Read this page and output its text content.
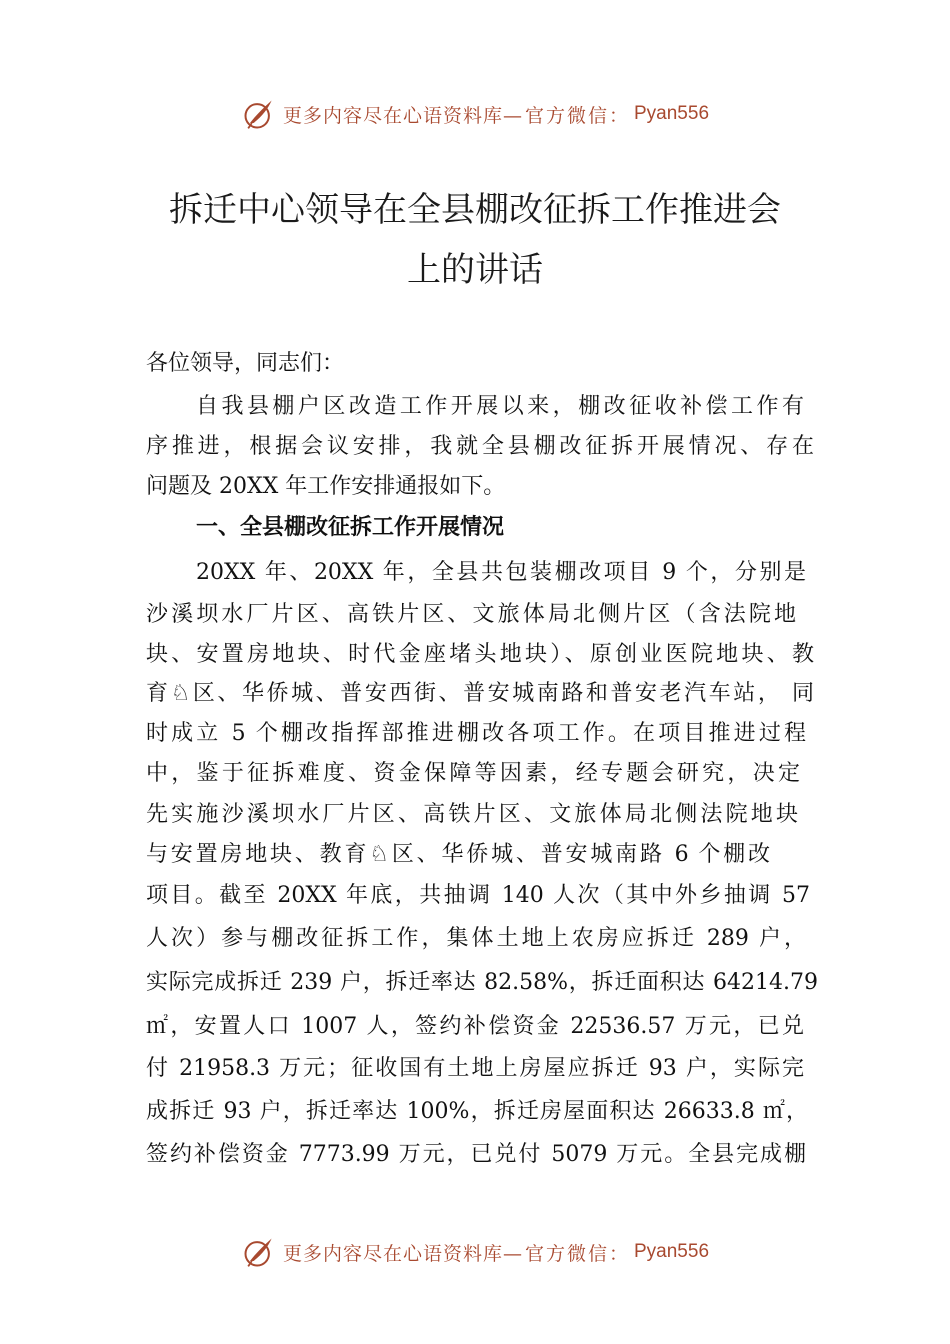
更多内容尽在心语资料库— 官方微信： Pyan556
拆迁中心领导在全县棚改征拆工作推进会
上的讲话
各位领导，同志们：
自我县棚户区改造工作开展以来，棚改征收补偿工作有
序推进，根据会议安排，我就全县棚改征拆开展情况、存在
问题及 20XX 年工作安排通报如下。
一、全县棚改征拆工作开展情况
20XX 年、20XX 年，全县共包装棚改项目 9 个，分别是
沙溪坝水厂片区、高铁片区、文旅体局北侧片区（含法院地
块、安置房地块、时代金座堵头地块）、原创业医院地块、教
育♘区、华侨城、普安西街、普安城南路和普安老汽车站， 同
时成立 5 个棚改指挥部推进棚改各项工作。在项目推进过程
中，鉴于征拆难度、资金保障等因素，经专题会研究，决定
先实施沙溪坝水厂片区、高铁片区、文旅体局北侧法院地块
与安置房地块、教育♘区、华侨城、普安城南路 6 个棚改
项目。截至 20XX 年底，共抽调 140 人次（其中外乡抽调 57
人次）参与棚改征拆工作，集体土地上农房应拆迁 289 户，
实际完成拆迁 239 户，拆迁率达 82.58%，拆迁面积达 64214.79
㎡，安置人口 1007 人，签约补偿资金 22536.57 万元，已兑
付 21958.3 万元；征收国有土地上房屋应拆迁 93 户，实际完
成拆迁 93 户，拆迁率达 100%，拆迁房屋面积达 26633.8 ㎡，
签约补偿资金 7773.99 万元，已兑付 5079 万元。全县完成棚
更多内容尽在心语资料库— 官方微信： Pyan556
